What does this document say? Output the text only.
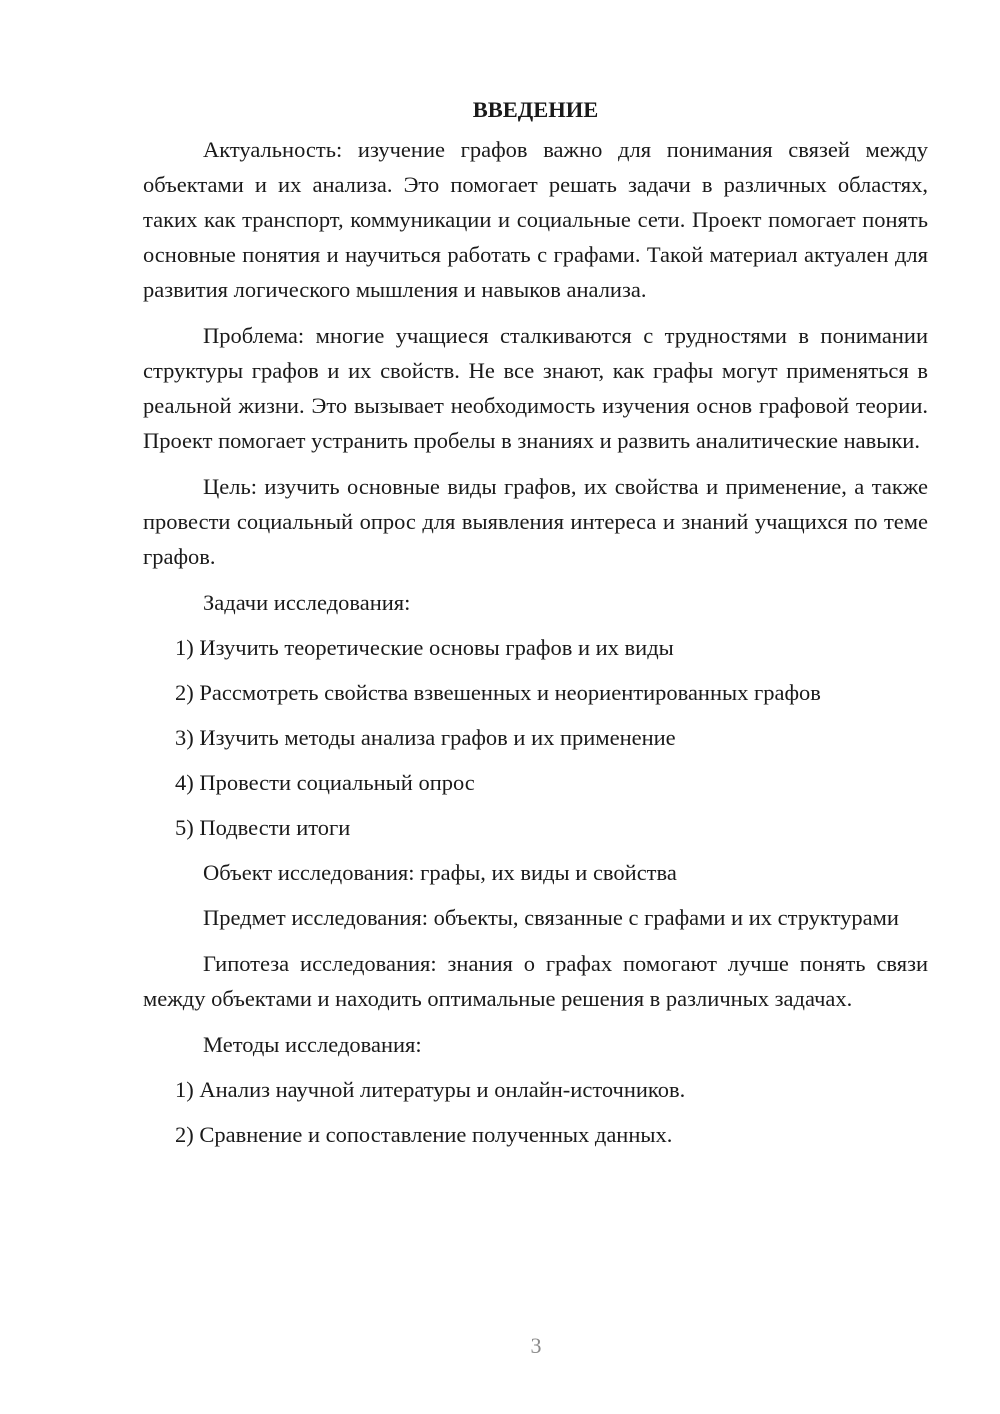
ВВЕДЕНИЕ

Актуальность: изучение графов важно для понимания связей между объектами и их анализа. Это помогает решать задачи в различных областях, таких как транспорт, коммуникации и социальные сети. Проект помогает понять основные понятия и научиться работать с графами. Такой материал актуален для развития логического мышления и навыков анализа.

Проблема: многие учащиеся сталкиваются с трудностями в понимании структуры графов и их свойств. Не все знают, как графы могут применяться в реальной жизни. Это вызывает необходимость изучения основ графовой теории. Проект помогает устранить пробелы в знаниях и развить аналитические навыки.

Цель: изучить основные виды графов, их свойства и применение, а также провести социальный опрос для выявления интереса и знаний учащихся по теме графов.

Задачи исследования:

1) Изучить теоретические основы графов и их виды

2) Рассмотреть свойства взвешенных и неориентированных графов

3) Изучить методы анализа графов и их применение

4) Провести социальный опрос

5) Подвести итоги

Объект исследования: графы, их виды и свойства

Предмет исследования: объекты, связанные с графами и их структурами

Гипотеза исследования: знания о графах помогают лучше понять связи между объектами и находить оптимальные решения в различных задачах.

Методы исследования:

1) Анализ научной литературы и онлайн-источников.

2) Сравнение и сопоставление полученных данных.

3
